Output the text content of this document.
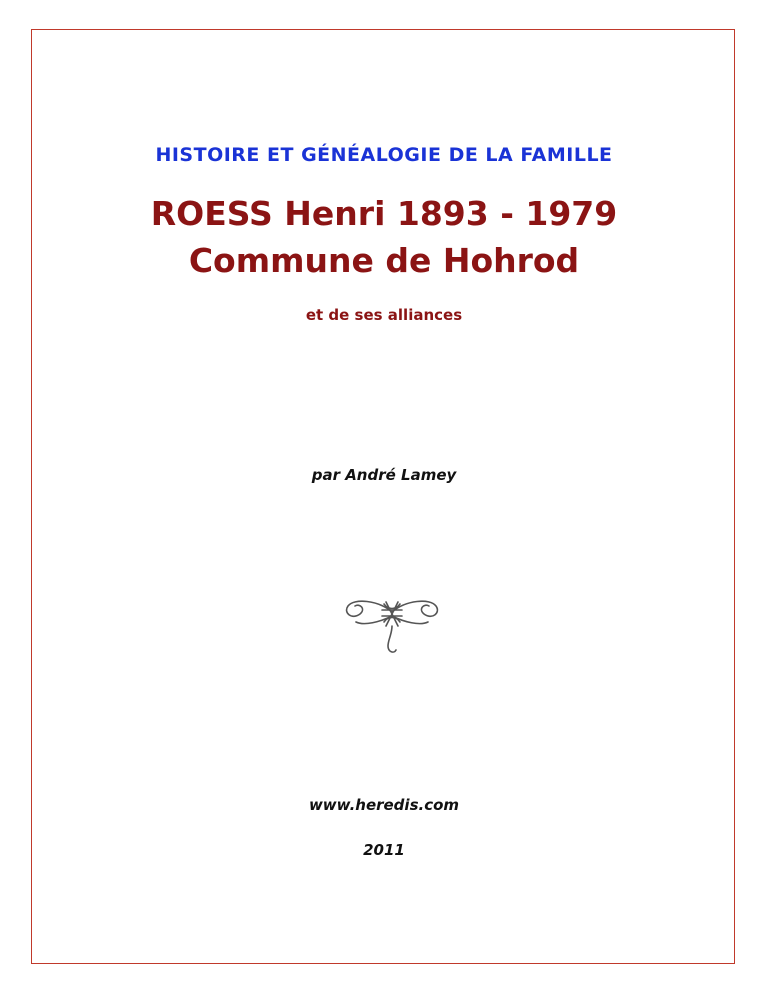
HISTOIRE ET GÉNÉALOGIE DE LA FAMILLE
ROESS Henri 1893 - 1979
Commune de Hohrod
et de ses alliances
par André Lamey
www.heredis.com
2011
